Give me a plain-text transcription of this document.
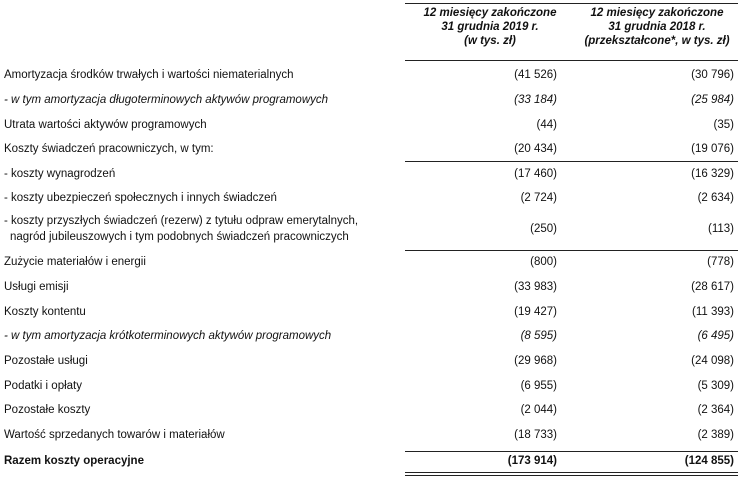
12 miesięcy zakończone
31 grudnia 2019 r.
(w tys. zł)
12 miesięcy zakończone
31 grudnia 2018 r.
(przekształcone*, w tys. zł)
Amortyzacja środków trwałych i wartości niematerialnych	(41 526)	(30 796)
- w tym amortyzacja długoterminowych aktywów programowych	(33 184)	(25 984)
Utrata wartości aktywów programowych	(44)	(35)
Koszty świadczeń pracowniczych, w tym:	(20 434)	(19 076)
- koszty wynagrodzeń	(17 460)	(16 329)
- koszty ubezpieczeń społecznych i innych świadczeń	(2 724)	(2 634)
- koszty przyszłych świadczeń (rezerw) z tytułu odpraw emerytalnych,
nagród jubileuszowych i tym podobnych świadczeń pracowniczych
(250)	(113)
Zużycie materiałów i energii	(800)	(778)
Usługi emisji	(33 983)	(28 617)
Koszty kontentu	(19 427)	(11 393)
- w tym amortyzacja krótkoterminowych aktywów programowych	(8 595)	(6 495)
Pozostałe usługi	(29 968)	(24 098)
Podatki i opłaty	(6 955)	(5 309)
Pozostałe koszty	(2 044)	(2 364)
Wartość sprzedanych towarów i materiałów	(18 733)	(2 389)
Razem koszty operacyjne	(173 914)	(124 855)
